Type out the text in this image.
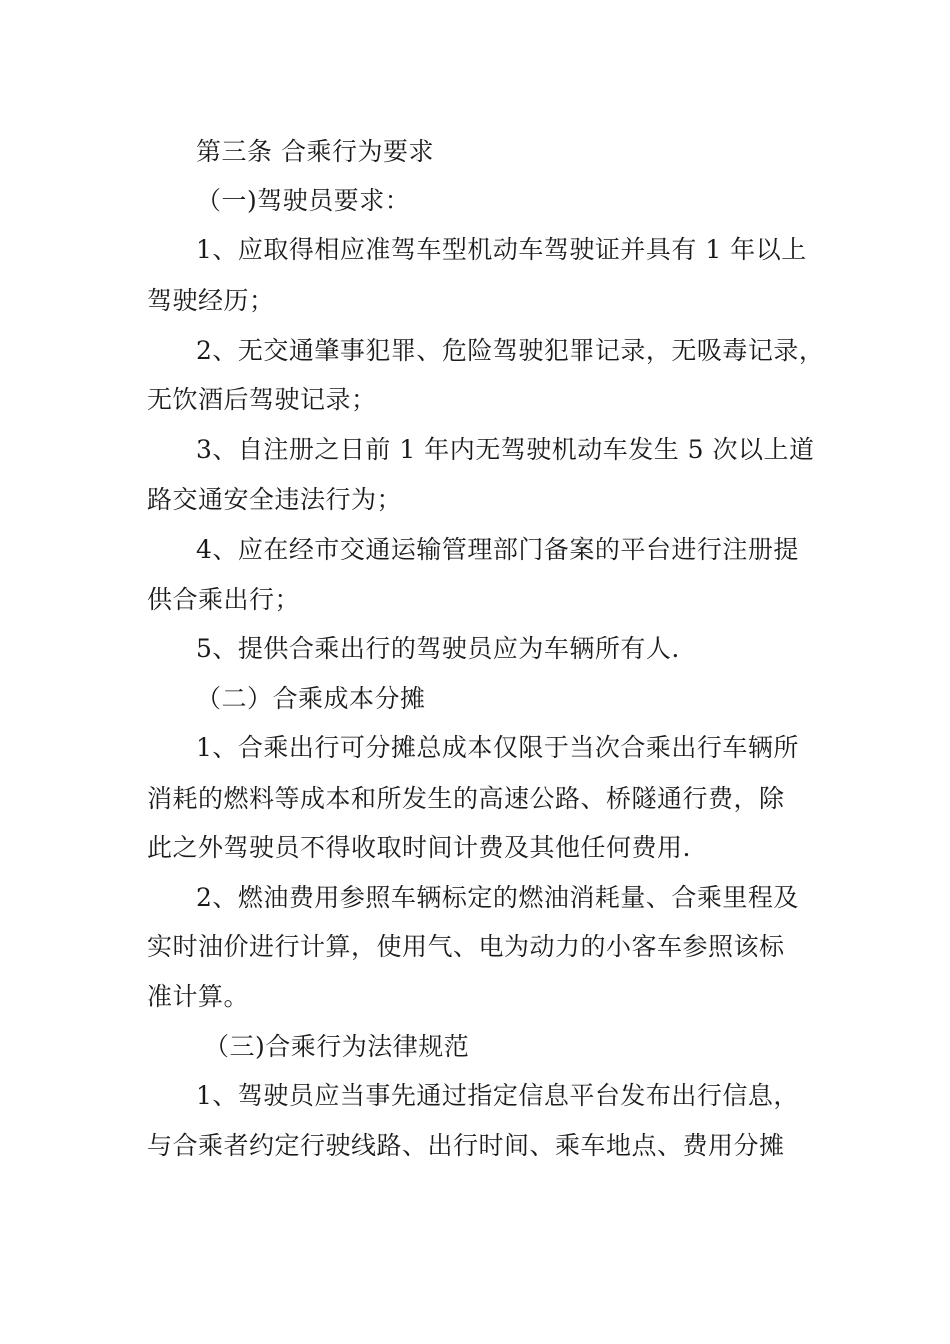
第三条 合乘行为要求
（一)驾驶员要求：
1、应取得相应准驾车型机动车驾驶证并具有 1 年以上
驾驶经历；
2、无交通肇事犯罪、危险驾驶犯罪记录，无吸毒记录，
无饮酒后驾驶记录；
3、自注册之日前 1 年内无驾驶机动车发生 5 次以上道
路交通安全违法行为；
4、应在经市交通运输管理部门备案的平台进行注册提
供合乘出行；
5、提供合乘出行的驾驶员应为车辆所有人.
（二）合乘成本分摊
1、合乘出行可分摊总成本仅限于当次合乘出行车辆所
消耗的燃料等成本和所发生的高速公路、桥隧通行费，除
此之外驾驶员不得收取时间计费及其他任何费用.
2、燃油费用参照车辆标定的燃油消耗量、合乘里程及
实时油价进行计算，使用气、电为动力的小客车参照该标
准计算。
（三)合乘行为法律规范
1、驾驶员应当事先通过指定信息平台发布出行信息，
与合乘者约定行驶线路、出行时间、乘车地点、费用分摊
